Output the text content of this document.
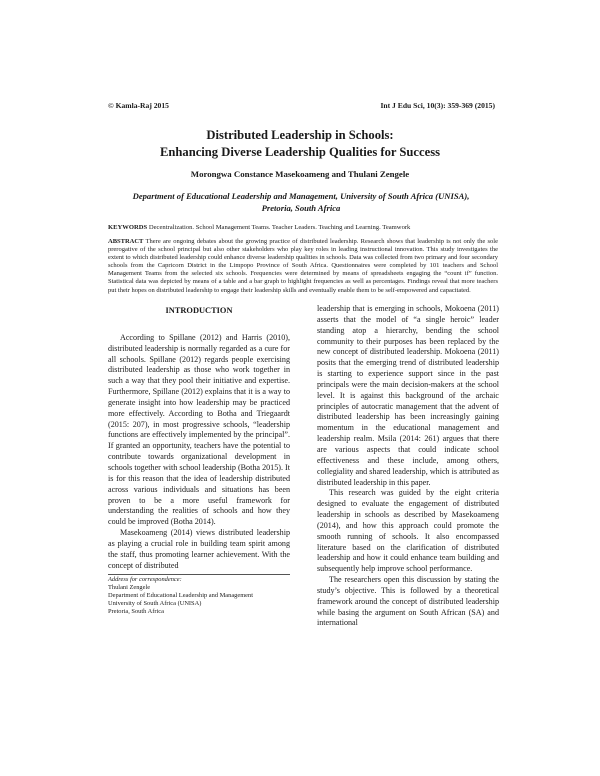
© Kamla-Raj 2015	Int J Edu Sci, 10(3): 359-369 (2015)
Distributed Leadership in Schools:
Enhancing Diverse Leadership Qualities for Success
Morongwa Constance Masekoameng and Thulani Zengele
Department of Educational Leadership and Management, University of South Africa (UNISA),
Pretoria, South Africa
KEYWORDS Decentralization. School Management Teams. Teacher Leaders. Teaching and Learning. Teamwork
ABSTRACT There are ongoing debates about the growing practice of distributed leadership. Research shows that leadership is not only the sole prerogative of the school principal but also other stakeholders who play key roles in leading instructional innovation. This study investigates the extent to which distributed leadership could enhance diverse leadership qualities in schools. Data was collected from two primary and four secondary schools from the Capricorn District in the Limpopo Province of South Africa. Questionnaires were completed by 101 teachers and School Management Teams from the selected six schools. Frequencies were determined by means of spreadsheets engaging the “count if” function. Statistical data was depicted by means of a table and a bar graph to highlight frequencies as well as percentages. Findings reveal that more teachers put their hopes on distributed leadership to engage their leadership skills and eventually enable them to be self-empowered and capacitated.
INTRODUCTION

According to Spillane (2012) and Harris (2010), distributed leadership is normally regarded as a cure for all schools. Spillane (2012) regards people exercising distributed leadership as those who work together in such a way that they pool their initiative and expertise. Furthermore, Spillane (2012) explains that it is a way to generate insight into how leadership may be practiced more effectively. According to Botha and Triegaardt (2015: 207), in most progressive schools, “leadership functions are effectively implemented by the principal”. If granted an opportunity, teachers have the potential to contribute towards organizational development in schools together with school leadership (Botha 2015). It is for this reason that the idea of leadership distributed across various individuals and situations has been proven to be a more useful framework for understanding the realities of schools and how they could be improved (Botha 2014).

Masekoameng (2014) views distributed leadership as playing a crucial role in building team spirit among the staff, thus promoting learner achievement. With the concept of distributed

Address for correspondence:
Thulani Zengele
Department of Educational Leadership and Management
University of South Africa (UNISA)
Pretoria, South Africa

leadership that is emerging in schools, Mokoena (2011) asserts that the model of “a single heroic” leader standing atop a hierarchy, bending the school community to their purposes has been replaced by the new concept of distributed leadership. Mokoena (2011) posits that the emerging trend of distributed leadership is starting to experience support since in the past principals were the main decision-makers at the school level. It is against this background of the archaic principles of autocratic management that the advent of distributed leadership has been increasingly gaining momentum in the educational management and leadership realm. Msila (2014: 261) argues that there are various aspects that could indicate school effectiveness and these include, among others, collegiality and shared leadership, which is attributed as distributed leadership in this paper.

This research was guided by the eight criteria designed to evaluate the engagement of distributed leadership in schools as described by Masekoameng (2014), and how this approach could promote the smooth running of schools. It also encompassed literature based on the clarification of distributed leadership and how it could enhance team building and subsequently help improve school performance.

The researchers open this discussion by stating the study’s objective. This is followed by a theoretical framework around the concept of distributed leadership while basing the argument on South African (SA) and international
